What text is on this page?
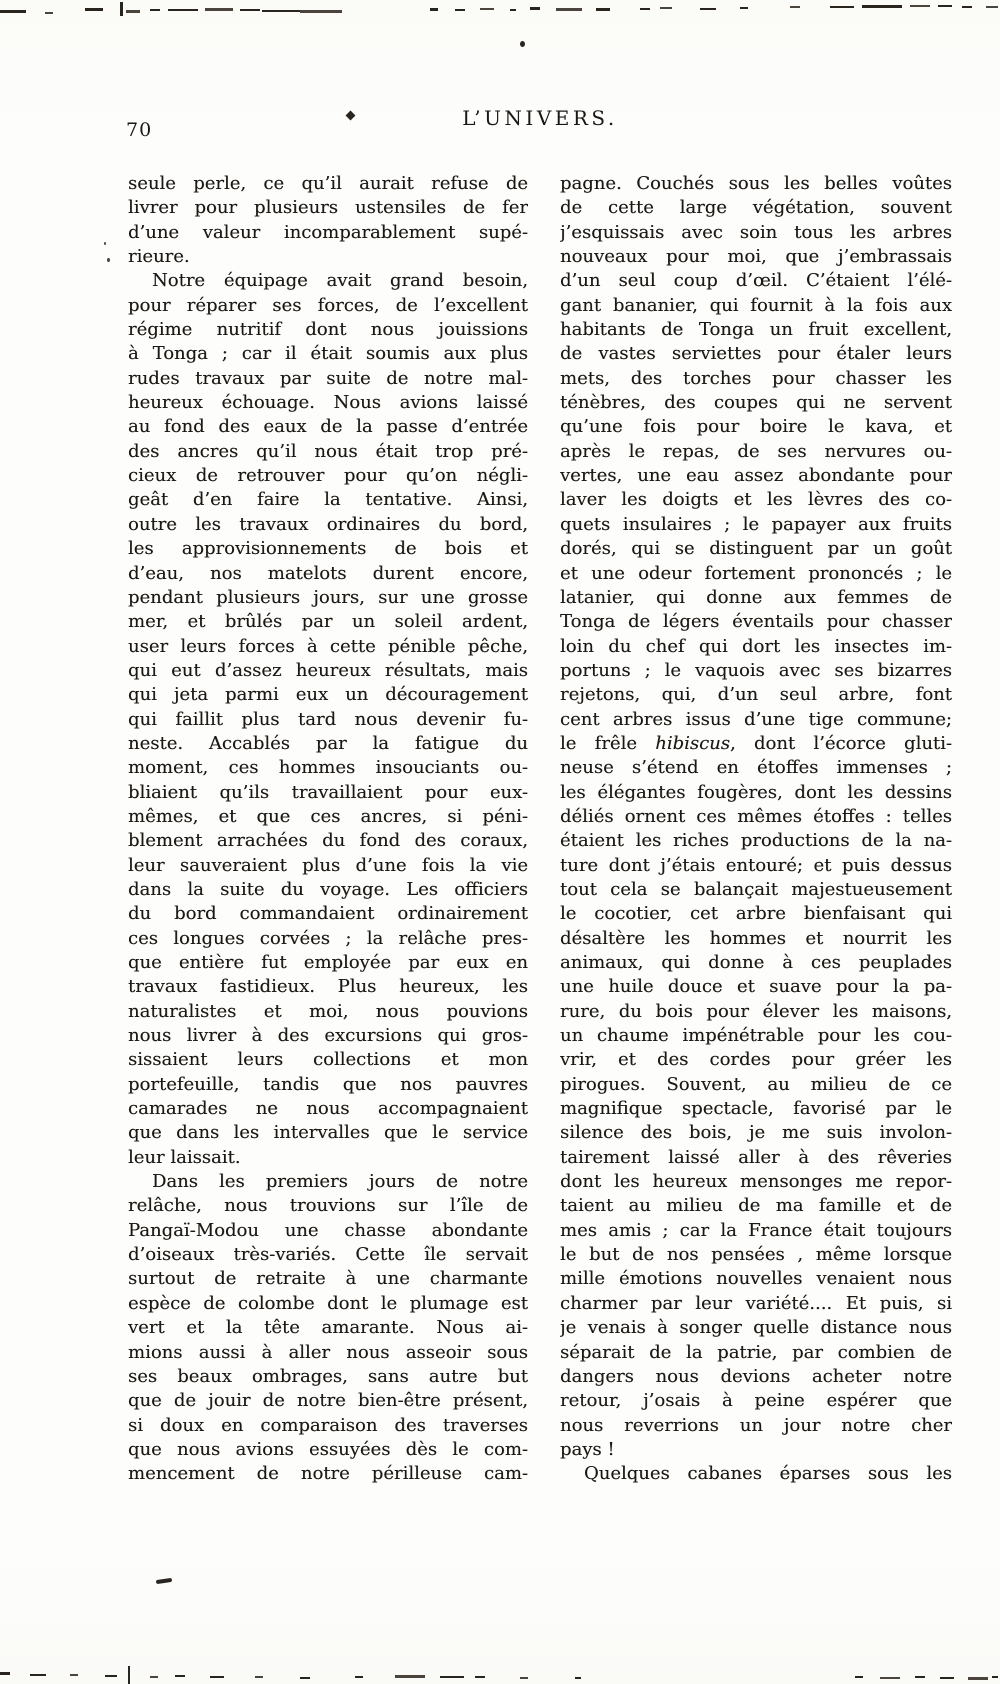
70	L’UNIVERS.
seule perle, ce qu’il aurait refuse de
livrer pour plusieurs ustensiles de fer
d’une valeur incomparablement supé-
rieure.
Notre équipage avait grand besoin,
pour réparer ses forces, de l’excellent
régime nutritif dont nous jouissions
à Tonga ; car il était soumis aux plus
rudes travaux par suite de notre mal-
heureux échouage. Nous avions laissé
au fond des eaux de la passe d’entrée
des ancres qu’il nous était trop pré-
cieux de retrouver pour qu’on négli-
geât d’en faire la tentative. Ainsi,
outre les travaux ordinaires du bord,
les approvisionnements de bois et
d’eau, nos matelots durent encore,
pendant plusieurs jours, sur une grosse
mer, et brûlés par un soleil ardent,
user leurs forces à cette pénible pêche,
qui eut d’assez heureux résultats, mais
qui jeta parmi eux un découragement
qui faillit plus tard nous devenir fu-
neste. Accablés par la fatigue du
moment, ces hommes insouciants ou-
bliaient qu’ils travaillaient pour eux-
mêmes, et que ces ancres, si péni-
blement arrachées du fond des coraux,
leur sauveraient plus d’une fois la vie
dans la suite du voyage. Les officiers
du bord commandaient ordinairement
ces longues corvées ; la relâche pres-
que entière fut employée par eux en
travaux fastidieux. Plus heureux, les
naturalistes et moi, nous pouvions
nous livrer à des excursions qui gros-
sissaient leurs collections et mon
portefeuille, tandis que nos pauvres
camarades ne nous accompagnaient
que dans les intervalles que le service
leur laissait.
Dans les premiers jours de notre
relâche, nous trouvions sur l’île de
Pangaï-Modou une chasse abondante
d’oiseaux très-variés. Cette île servait
surtout de retraite à une charmante
espèce de colombe dont le plumage est
vert et la tête amarante. Nous ai-
mions aussi à aller nous asseoir sous
ses beaux ombrages, sans autre but
que de jouir de notre bien-être présent,
si doux en comparaison des traverses
que nous avions essuyées dès le com-
mencement de notre périlleuse cam-
pagne. Couchés sous les belles voûtes
de cette large végétation, souvent
j’esquissais avec soin tous les arbres
nouveaux pour moi, que j’embrassais
d’un seul coup d’œil. C’étaient l’élé-
gant bananier, qui fournit à la fois aux
habitants de Tonga un fruit excellent,
de vastes serviettes pour étaler leurs
mets, des torches pour chasser les
ténèbres, des coupes qui ne servent
qu’une fois pour boire le kava, et
après le repas, de ses nervures ou-
vertes, une eau assez abondante pour
laver les doigts et les lèvres des co-
quets insulaires ; le papayer aux fruits
dorés, qui se distinguent par un goût
et une odeur fortement prononcés ; le
latanier, qui donne aux femmes de
Tonga de légers éventails pour chasser
loin du chef qui dort les insectes im-
portuns ; le vaquois avec ses bizarres
rejetons, qui, d’un seul arbre, font
cent arbres issus d’une tige commune;
le frêle hibiscus, dont l’écorce gluti-
neuse s’étend en étoffes immenses ;
les élégantes fougères, dont les dessins
déliés ornent ces mêmes étoffes : telles
étaient les riches productions de la na-
ture dont j’étais entouré; et puis dessus
tout cela se balançait majestueusement
le cocotier, cet arbre bienfaisant qui
désaltère les hommes et nourrit les
animaux, qui donne à ces peuplades
une huile douce et suave pour la pa-
rure, du bois pour élever les maisons,
un chaume impénétrable pour les cou-
vrir, et des cordes pour gréer les
pirogues. Souvent, au milieu de ce
magnifique spectacle, favorisé par le
silence des bois, je me suis involon-
tairement laissé aller à des rêveries
dont les heureux mensonges me repor-
taient au milieu de ma famille et de
mes amis ; car la France était toujours
le but de nos pensées , même lorsque
mille émotions nouvelles venaient nous
charmer par leur variété.... Et puis, si
je venais à songer quelle distance nous
séparait de la patrie, par combien de
dangers nous devions acheter notre
retour, j’osais à peine espérer que
nous reverrions un jour notre cher
pays !
Quelques cabanes éparses sous les
